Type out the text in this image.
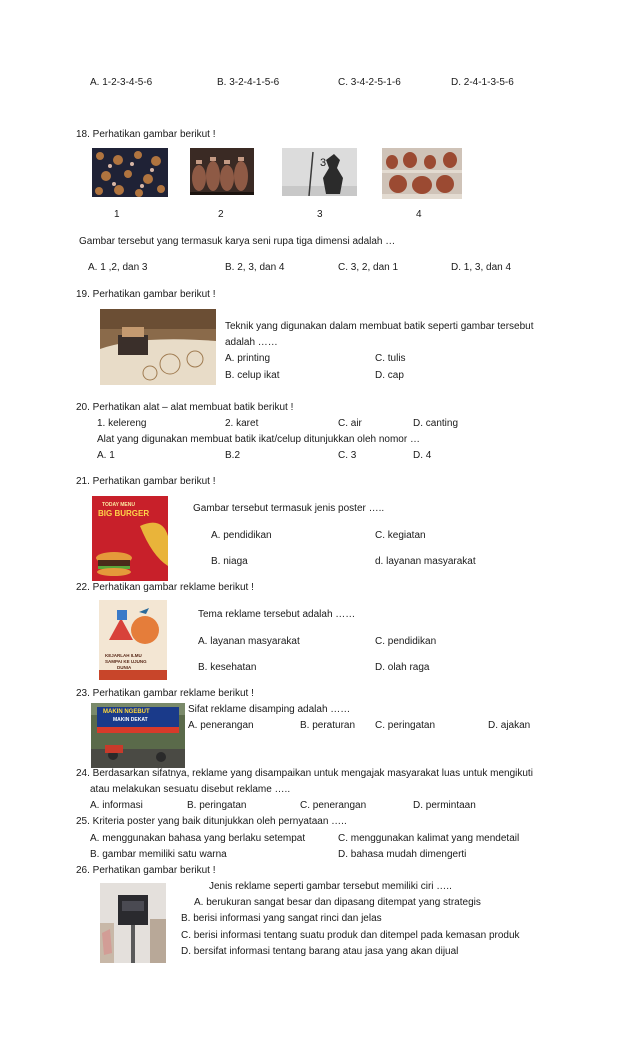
A. 1-2-3-4-5-6	B. 3-2-4-1-5-6	C. 3-4-2-5-1-6	D. 2-4-1-3-5-6
18. Perhatikan gambar berikut !
3
1	2	3	4
Gambar tersebut yang termasuk karya seni rupa tiga dimensi adalah …
A. 1 ,2, dan 3	B. 2, 3, dan 4	C. 3, 2, dan 1	D. 1, 3, dan 4
19. Perhatikan gambar berikut !
Teknik yang digunakan dalam membuat batik seperti gambar tersebut
adalah ……
A. printing	C. tulis
B. celup ikat	D. cap
20. Perhatikan alat – alat membuat batik berikut !
1. kelereng	2. karet	C. air	D. canting
Alat yang digunakan membuat batik ikat/celup ditunjukkan oleh nomor …
A. 1	B.2	C. 3	D. 4
21. Perhatikan gambar berikut !
TODAY MENU
BIG BURGER	Gambar tersebut termasuk jenis poster …..
A. pendidikan	C. kegiatan
B. niaga	d. layanan masyarakat
22. Perhatikan gambar reklame berikut !
KEJARLAH ILMU
SAMPAI KE UJUNG
DUNIA
Tema reklame tersebut adalah ……
A. layanan masyarakat	C. pendidikan
B. kesehatan	D. olah raga
23. Perhatikan gambar reklame berikut !
MAKIN NGEBUT
MAKIN DEKAT
Sifat reklame disamping adalah ……
A. penerangan	B. peraturan C. peringatan	D. ajakan
24. Berdasarkan sifatnya, reklame yang disampaikan untuk mengajak masyarakat luas untuk mengikuti
atau melakukan sesuatu disebut reklame …..
A. informasi	B. peringatan	C. penerangan	D. permintaan
25. Kriteria poster yang baik ditunjukkan oleh pernyataan …..
A. menggunakan bahasa yang berlaku setempat	C. menggunakan kalimat yang mendetail
B. gambar memiliki satu warna	D. bahasa mudah dimengerti
26. Perhatikan gambar berikut !
Jenis reklame seperti gambar tersebut memiliki ciri …..
A. berukuran sangat besar dan dipasang ditempat yang strategis
B. berisi informasi yang sangat rinci dan jelas
C. berisi informasi tentang suatu produk dan ditempel pada kemasan produk
D. bersifat informasi tentang barang atau jasa yang akan dijual
